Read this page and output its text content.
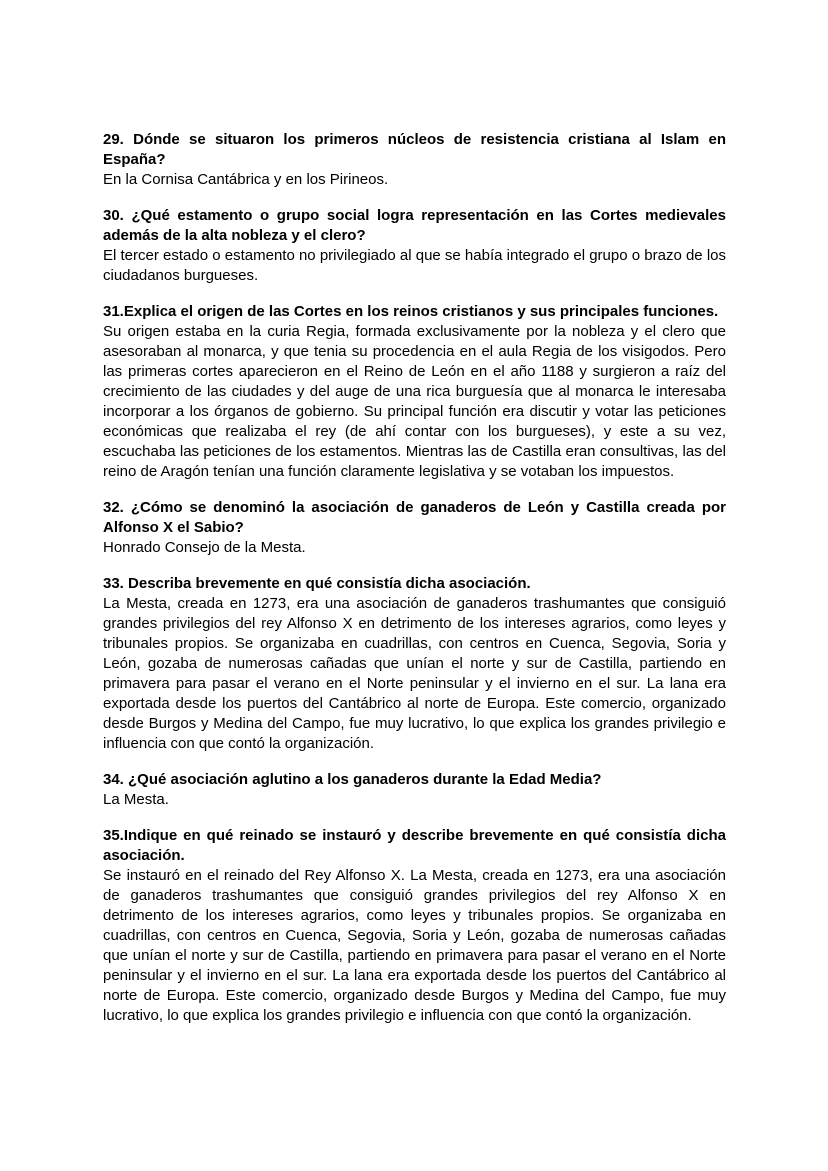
29. Dónde se situaron los primeros núcleos de resistencia cristiana al Islam en España?

En la Cornisa Cantábrica y en los Pirineos.

30. ¿Qué estamento o grupo social logra representación en las Cortes medievales además de la alta nobleza y el clero?

El tercer estado o estamento no privilegiado al que se había integrado el grupo o brazo de los ciudadanos burgueses.

31.Explica el origen de las Cortes en los reinos cristianos y sus principales funciones.

Su origen estaba en la curia Regia, formada exclusivamente por la nobleza y el clero que asesoraban al monarca, y que tenia su procedencia en el aula Regia de los visigodos. Pero las primeras cortes aparecieron en el Reino de León en el año 1188 y surgieron a raíz del crecimiento de las ciudades y del auge de una rica burguesía que al monarca le interesaba incorporar a los órganos de gobierno. Su principal función era discutir y votar las peticiones económicas que realizaba el rey (de ahí contar con los burgueses), y este a su vez, escuchaba las peticiones de los estamentos. Mientras las de Castilla eran consultivas, las del reino de Aragón tenían una función claramente legislativa y se votaban los impuestos.

32. ¿Cómo se denominó la asociación de ganaderos de León y Castilla creada por Alfonso X el Sabio?

Honrado Consejo de la Mesta.

33. Describa brevemente en qué consistía dicha asociación.

La Mesta, creada en 1273, era una asociación de ganaderos trashumantes que consiguió grandes privilegios del rey Alfonso X en detrimento de los intereses agrarios, como leyes y tribunales propios. Se organizaba en cuadrillas, con centros en Cuenca, Segovia, Soria y León, gozaba de numerosas cañadas que unían el norte y sur de Castilla, partiendo en primavera para pasar el verano en el Norte peninsular y el invierno en el sur. La lana era exportada desde los puertos del Cantábrico al norte de Europa. Este comercio, organizado desde Burgos y Medina del Campo, fue muy lucrativo, lo que explica los grandes privilegio e influencia con que contó la organización.

34. ¿Qué asociación aglutino a los ganaderos durante la Edad Media?

La Mesta.

35.Indique en qué reinado se instauró y describe brevemente en qué consistía dicha asociación.

Se instauró en el reinado del Rey Alfonso X. La Mesta, creada en 1273, era una asociación de ganaderos trashumantes que consiguió grandes privilegios del rey Alfonso X en detrimento de los intereses agrarios, como leyes y tribunales propios. Se organizaba en cuadrillas, con centros en Cuenca, Segovia, Soria y León, gozaba de numerosas cañadas que unían el norte y sur de Castilla, partiendo en primavera para pasar el verano en el Norte peninsular y el invierno en el sur. La lana era exportada desde los puertos del Cantábrico al norte de Europa. Este comercio, organizado desde Burgos y Medina del Campo, fue muy lucrativo, lo que explica los grandes privilegio e influencia con que contó la organización.
